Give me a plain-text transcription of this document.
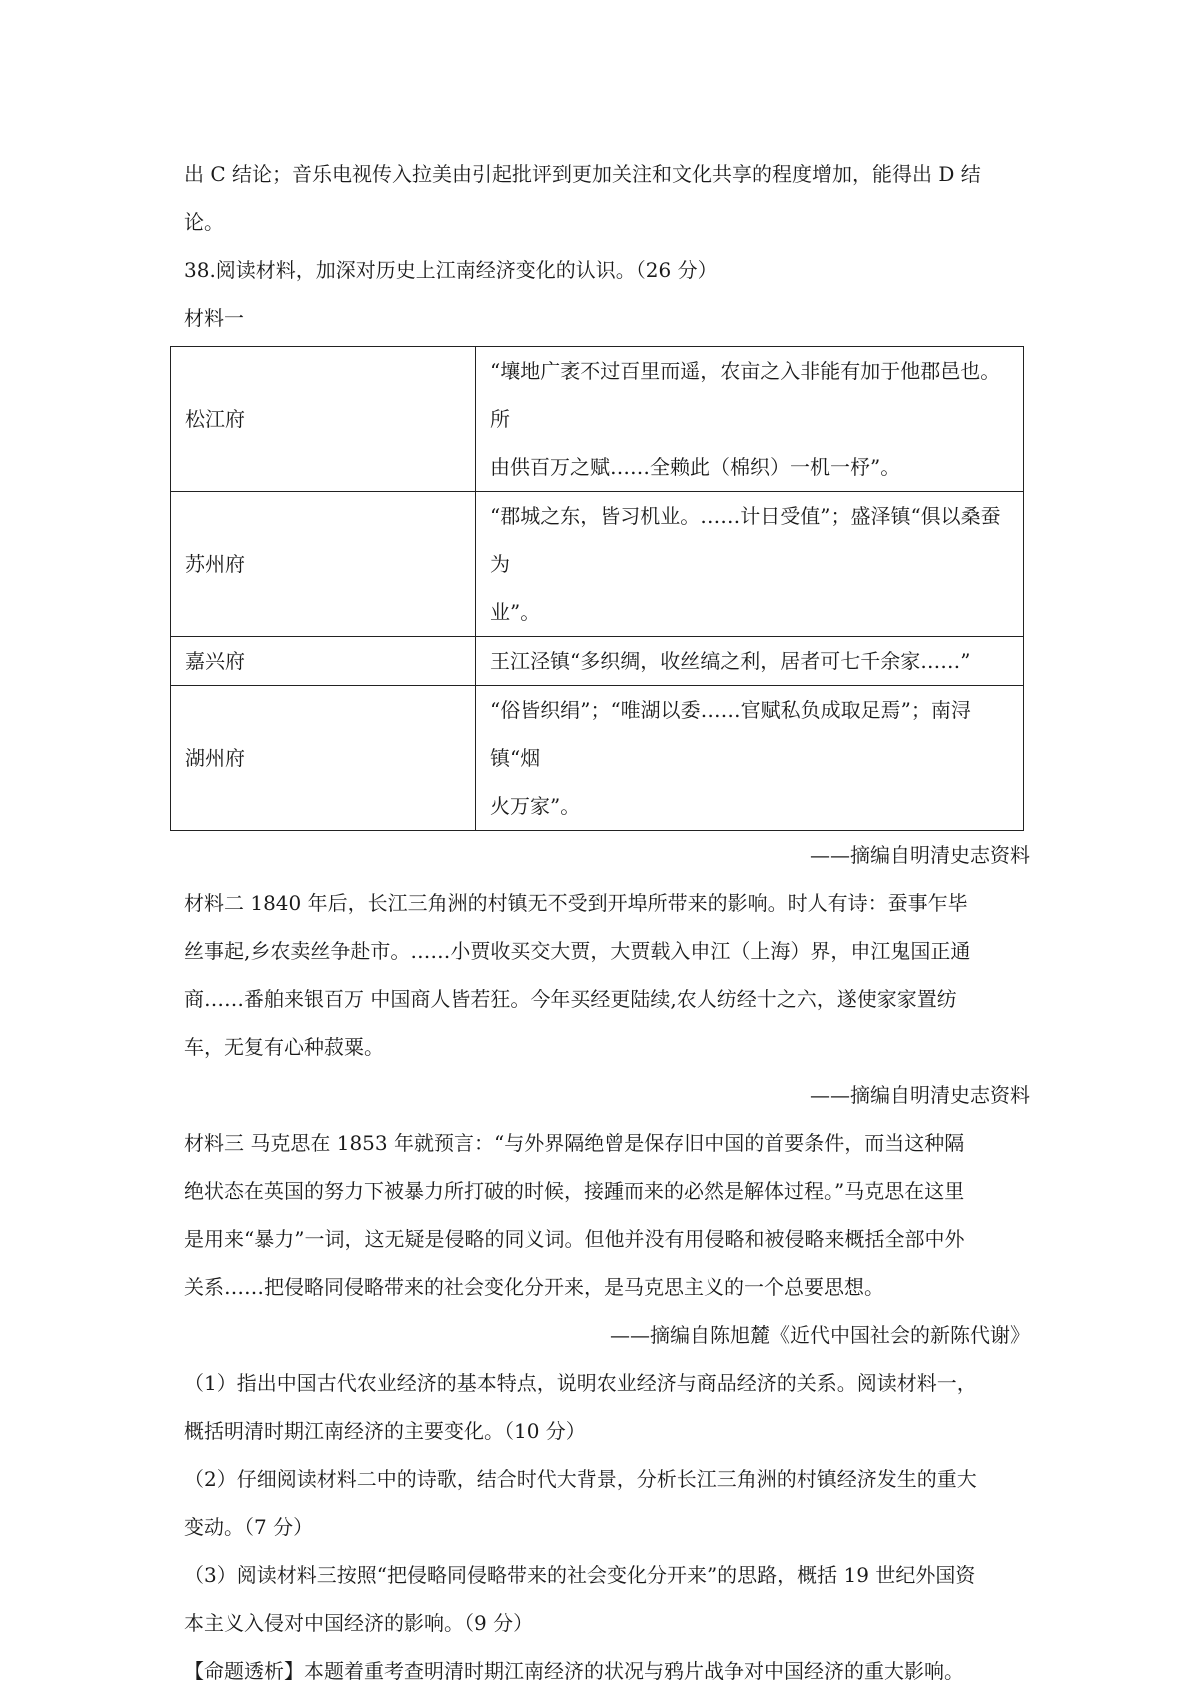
出 C 结论；音乐电视传入拉美由引起批评到更加关注和文化共享的程度增加，能得出 D 结
论。

38.阅读材料，加深对历史上江南经济变化的认识。（26 分）

材料一

松江府	“壤地广袤不过百里而遥，农亩之入非能有加于他郡邑也。所
由供百万之赋……全赖此（棉织）一机一杼”。

苏州府	“郡城之东，皆习机业。……计日受值”；盛泽镇“俱以桑蚕为
业”。

嘉兴府	王江泾镇“多织绸，收丝缟之利，居者可七千余家……”

湖州府	“俗皆织绢”；“唯湖以委……官赋私负成取足焉”；南浔镇“烟
火万家”。

——摘编自明清史志资料

材料二 1840 年后，长江三角洲的村镇无不受到开埠所带来的影响。时人有诗：蚕事乍毕
丝事起,乡农卖丝争赴市。……小贾收买交大贾，大贾载入申江（上海）界，申江鬼国正通
商……番舶来银百万 中国商人皆若狂。今年买经更陆续,农人纺经十之六，遂使家家置纺
车，无复有心种菽粟。

——摘编自明清史志资料

材料三 马克思在 1853 年就预言：“与外界隔绝曾是保存旧中国的首要条件，而当这种隔
绝状态在英国的努力下被暴力所打破的时候，接踵而来的必然是解体过程。”马克思在这里
是用来“暴力”一词，这无疑是侵略的同义词。但他并没有用侵略和被侵略来概括全部中外
关系……把侵略同侵略带来的社会变化分开来，是马克思主义的一个总要思想。

——摘编自陈旭麓《近代中国社会的新陈代谢》

（1）指出中国古代农业经济的基本特点，说明农业经济与商品经济的关系。阅读材料一，
概括明清时期江南经济的主要变化。（10 分）

（2）仔细阅读材料二中的诗歌，结合时代大背景，分析长江三角洲的村镇经济发生的重大
变动。（7 分）

（3）阅读材料三按照“把侵略同侵略带来的社会变化分开来”的思路，概括 19 世纪外国资
本主义入侵对中国经济的影响。（9 分）

【命题透析】本题着重考查明清时期江南经济的状况与鸦片战争对中国经济的重大影响。
